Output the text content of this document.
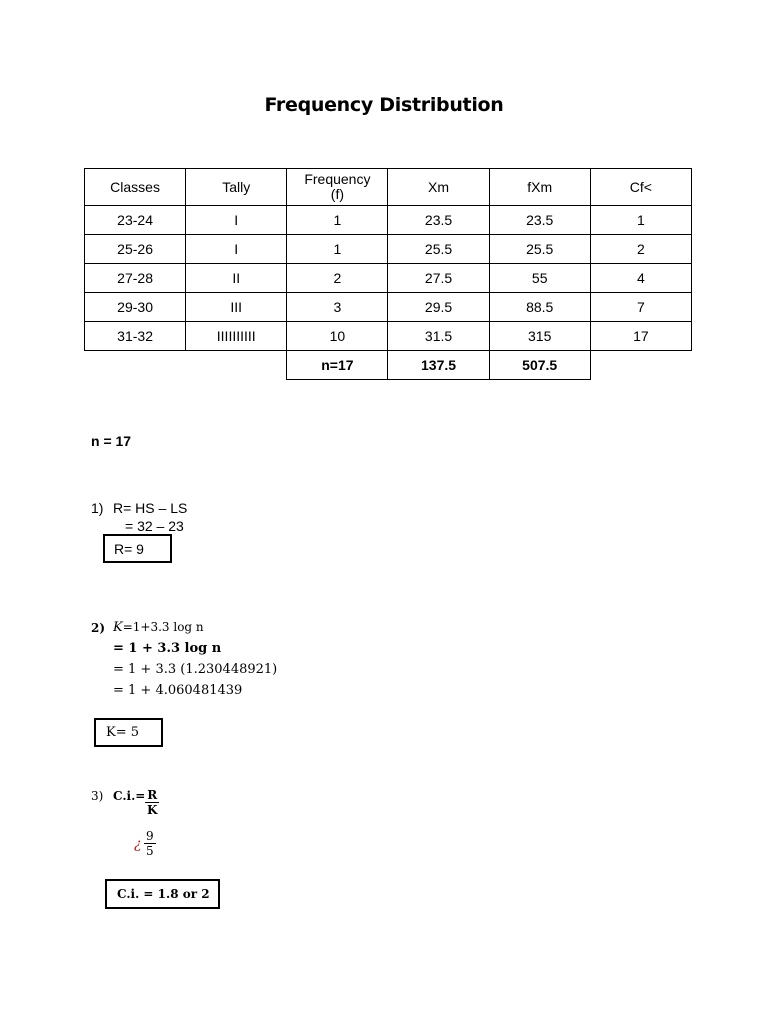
Frequency Distribution
Classes	Tally	Frequency (f)	Xm	fXm	Cf<
23-24	I	1	23.5	23.5	1
25-26	I	1	25.5	25.5	2
27-28	II	2	27.5	55	4
29-30	III	3	29.5	88.5	7
31-32	IIIIIIIIII	10	31.5	315	17
		n=17	137.5	507.5	
n = 17
1) R= HS – LS
= 32 – 23
R= 9
2) K=1+3.3 log n
= 1 + 3.3 log n
= 1 + 3.3 (1.230448921)
= 1 + 4.060481439
K= 5
3) $C.i.= \frac{R}{K}$
¿ $\frac{9}{5}$
C.i. = 1.8 or 2
